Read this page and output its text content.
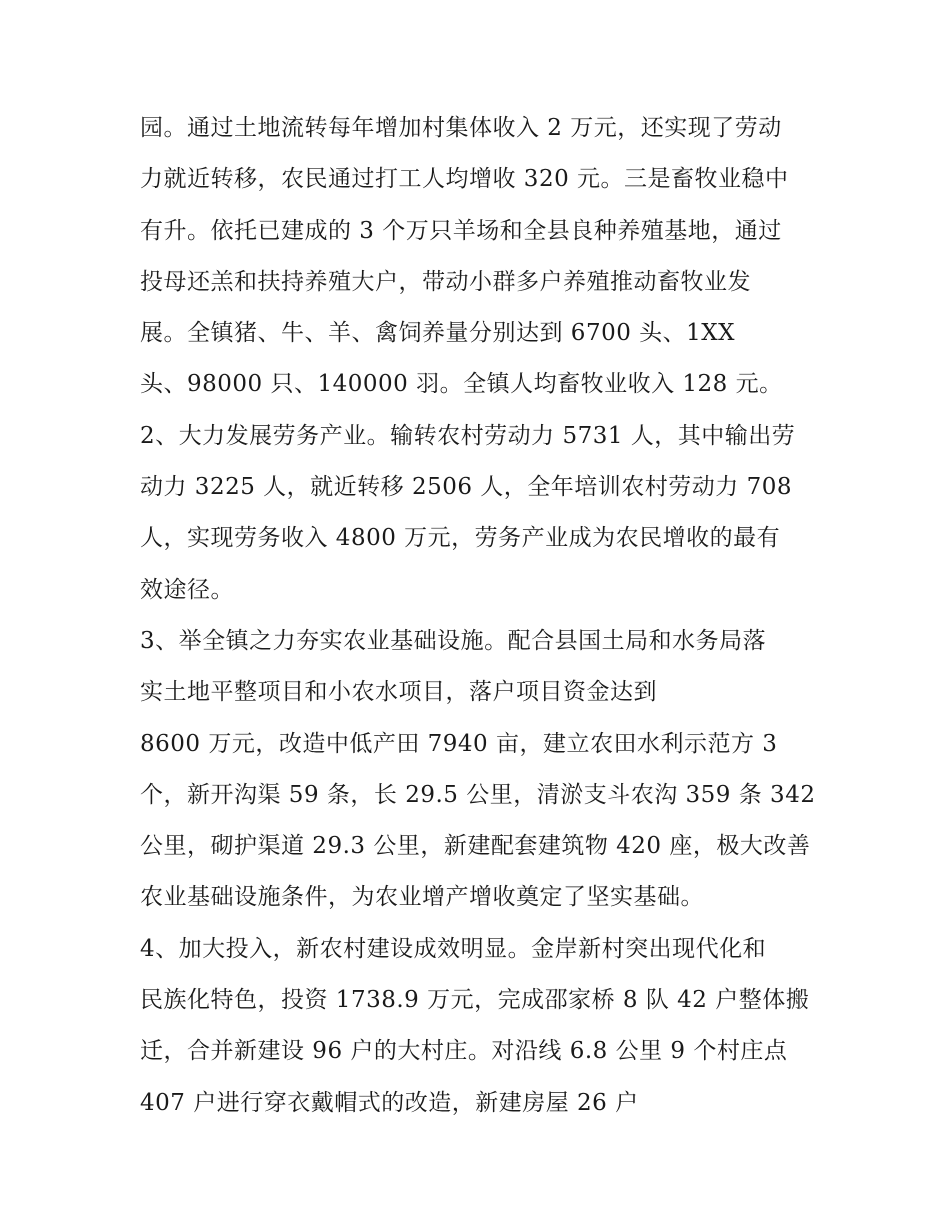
园。通过土地流转每年增加村集体收入 2 万元，还实现了劳动
力就近转移，农民通过打工人均增收 320 元。三是畜牧业稳中
有升。依托已建成的 3 个万只羊场和全县良种养殖基地，通过
投母还羔和扶持养殖大户，带动小群多户养殖推动畜牧业发
展。全镇猪、牛、羊、禽饲养量分别达到 6700 头、1XX
头、98000 只、140000 羽。全镇人均畜牧业收入 128 元。
2、大力发展劳务产业。输转农村劳动力 5731 人，其中输出劳
动力 3225 人，就近转移 2506 人，全年培训农村劳动力 708
人，实现劳务收入 4800 万元，劳务产业成为农民增收的最有
效途径。
3、举全镇之力夯实农业基础设施。配合县国土局和水务局落
实土地平整项目和小农水项目，落户项目资金达到
8600 万元，改造中低产田 7940 亩，建立农田水利示范方 3
个，新开沟渠 59 条，长 29.5 公里，清淤支斗农沟 359 条 342
公里，砌护渠道 29.3 公里，新建配套建筑物 420 座，极大改善
农业基础设施条件，为农业增产增收奠定了坚实基础。
4、加大投入，新农村建设成效明显。金岸新村突出现代化和
民族化特色，投资 1738.9 万元，完成邵家桥 8 队 42 户整体搬
迁，合并新建设 96 户的大村庄。对沿线 6.8 公里 9 个村庄点
407 户进行穿衣戴帽式的改造，新建房屋 26 户
